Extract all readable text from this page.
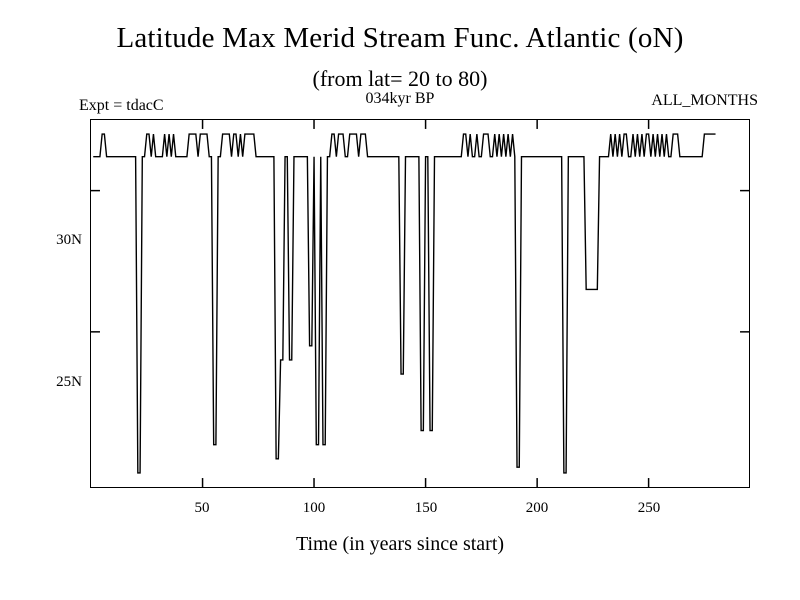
Latitude Max Merid Stream Func. Atlantic (oN)
(from lat= 20 to 80)
Expt = tdacC	034kyr BP	ALL_MONTHS
30N
25N
50	100	150	200	250
Time (in years since start)
